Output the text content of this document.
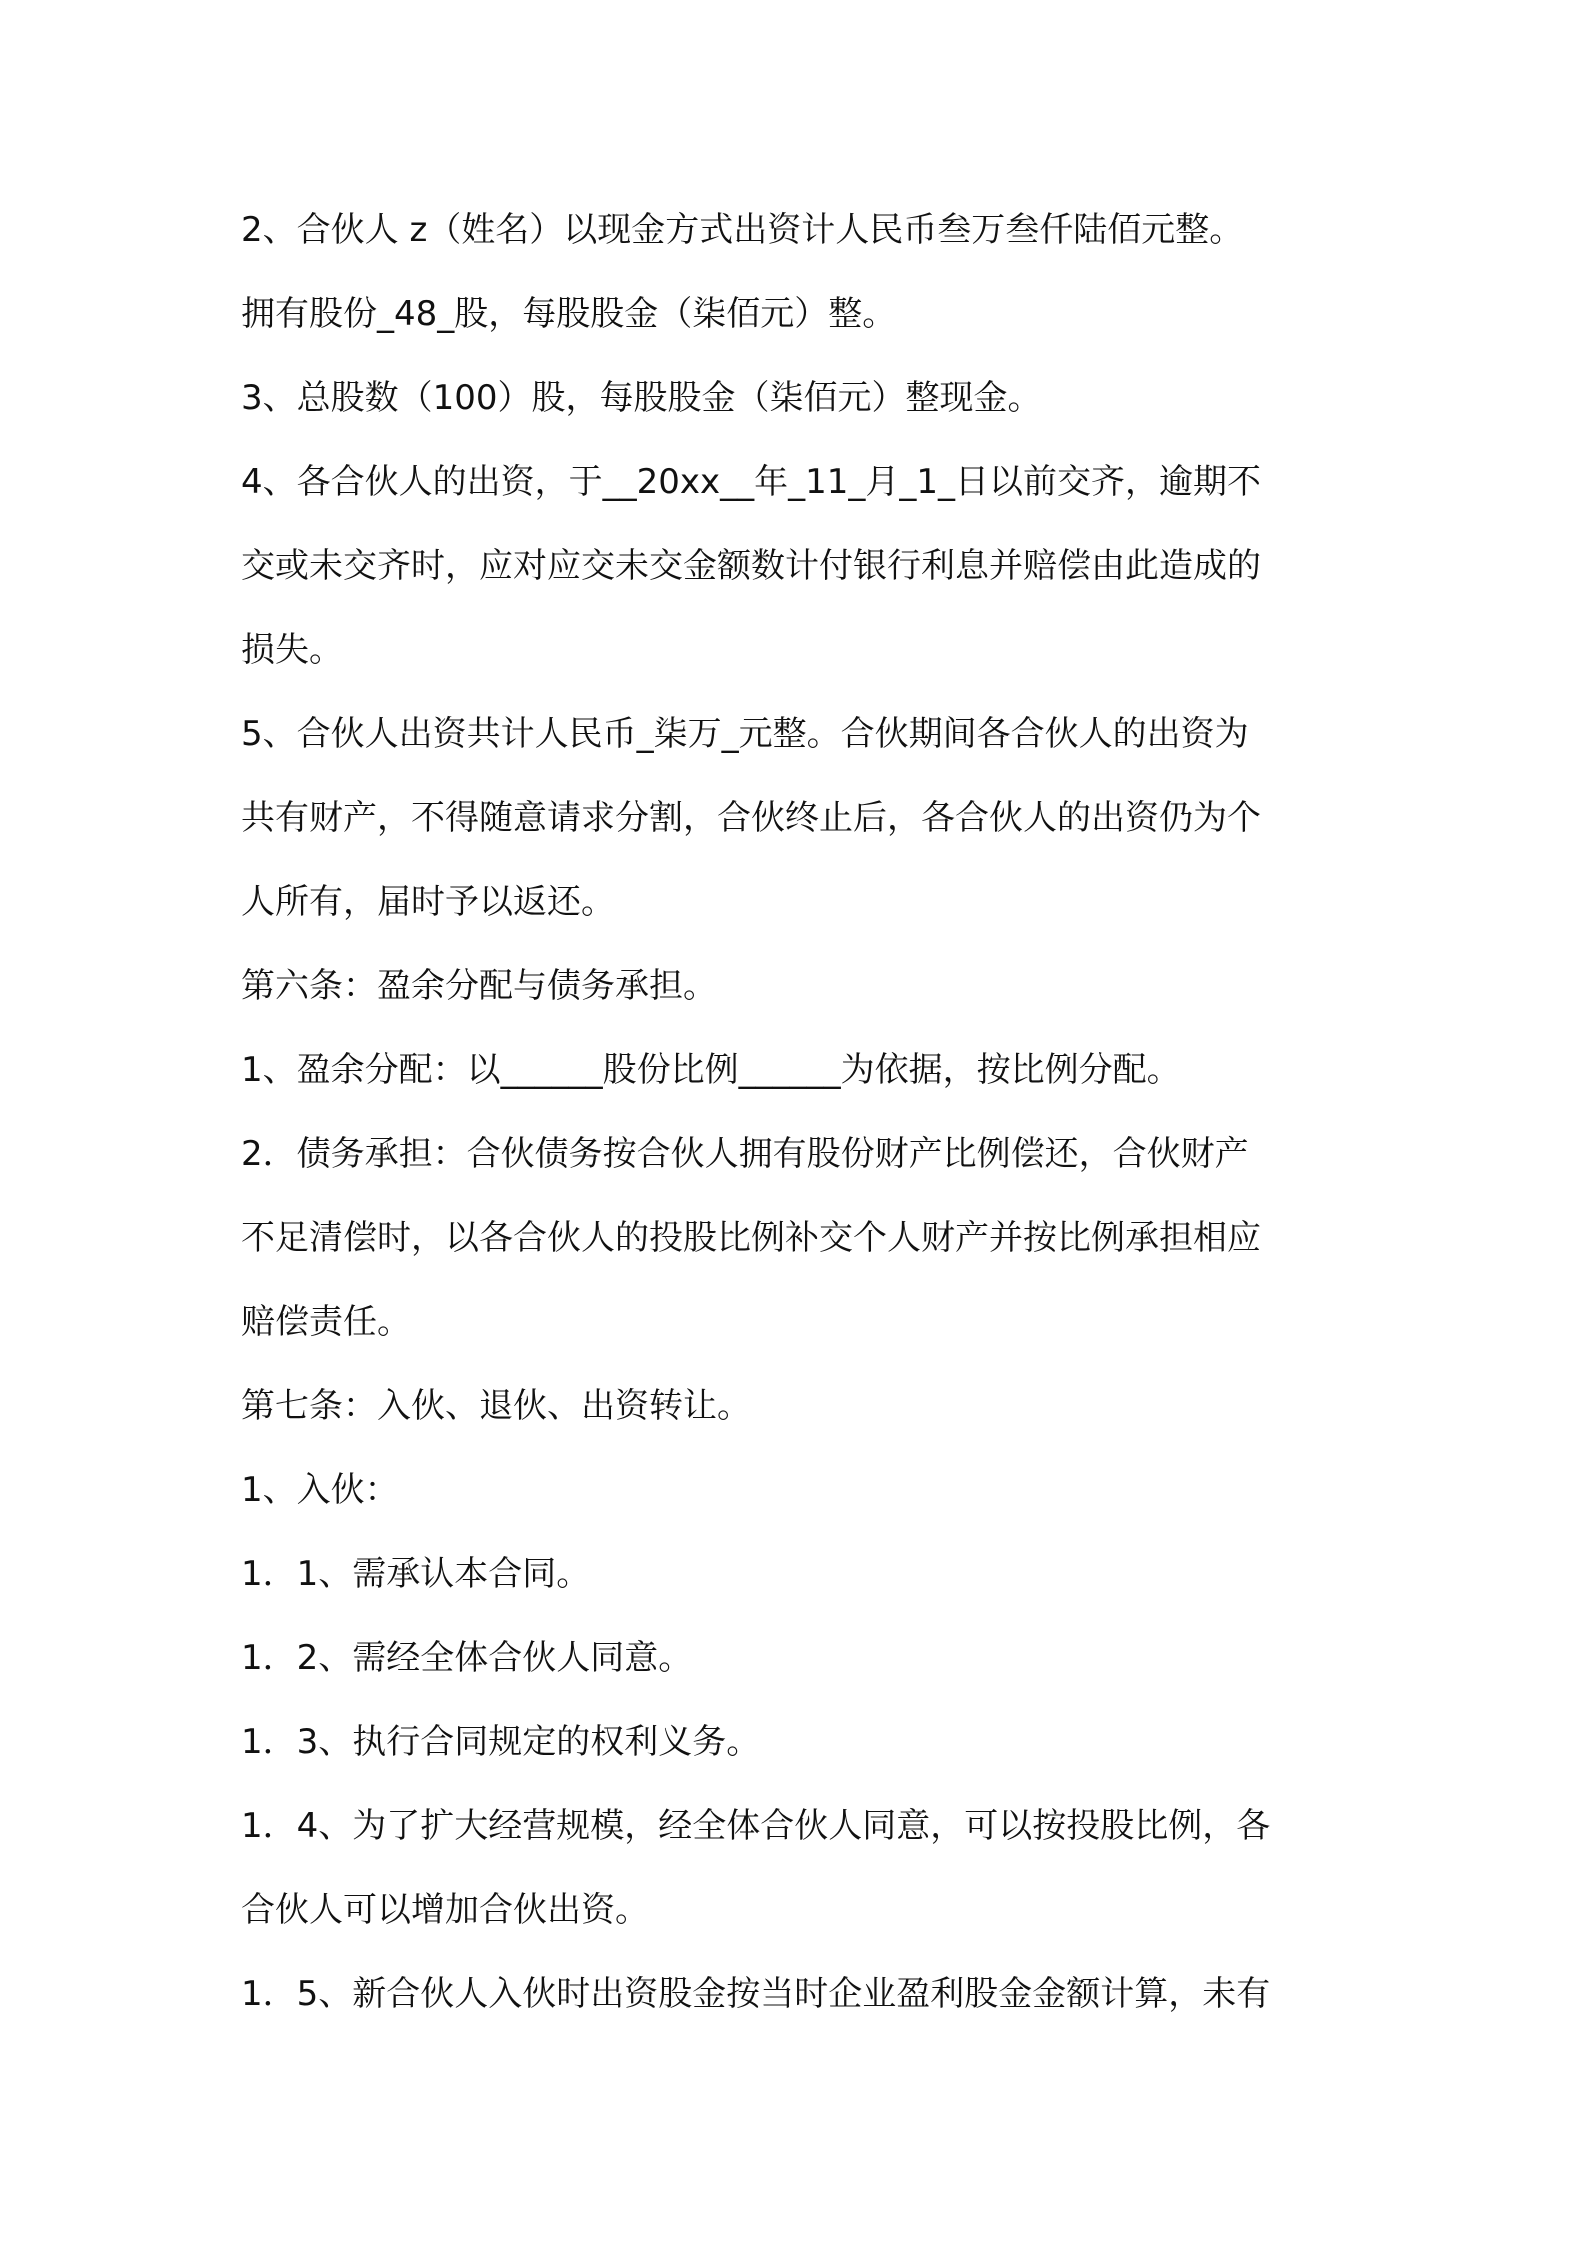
2、合伙人 z（姓名）以现金方式出资计人民币叁万叁仟陆佰元整。
拥有股份_48_股，每股股金（柒佰元）整。
3、总股数（100）股，每股股金（柒佰元）整现金。
4、各合伙人的出资，于__20xx__年_11_月_1_日以前交齐，逾期不
交或未交齐时，应对应交未交金额数计付银行利息并赔偿由此造成的
损失。
5、合伙人出资共计人民币_柒万_元整。合伙期间各合伙人的出资为
共有财产，不得随意请求分割，合伙终止后，各合伙人的出资仍为个
人所有，届时予以返还。
第六条：盈余分配与债务承担。
1、盈余分配：以______股份比例______为依据，按比例分配。
2．债务承担：合伙债务按合伙人拥有股份财产比例偿还，合伙财产
不足清偿时，以各合伙人的投股比例补交个人财产并按比例承担相应
赔偿责任。
第七条：入伙、退伙、出资转让。
1、入伙：
1．1、需承认本合同。
1．2、需经全体合伙人同意。
1．3、执行合同规定的权利义务。
1．4、为了扩大经营规模，经全体合伙人同意，可以按投股比例，各
合伙人可以增加合伙出资。
1．5、新合伙人入伙时出资股金按当时企业盈利股金金额计算，未有
